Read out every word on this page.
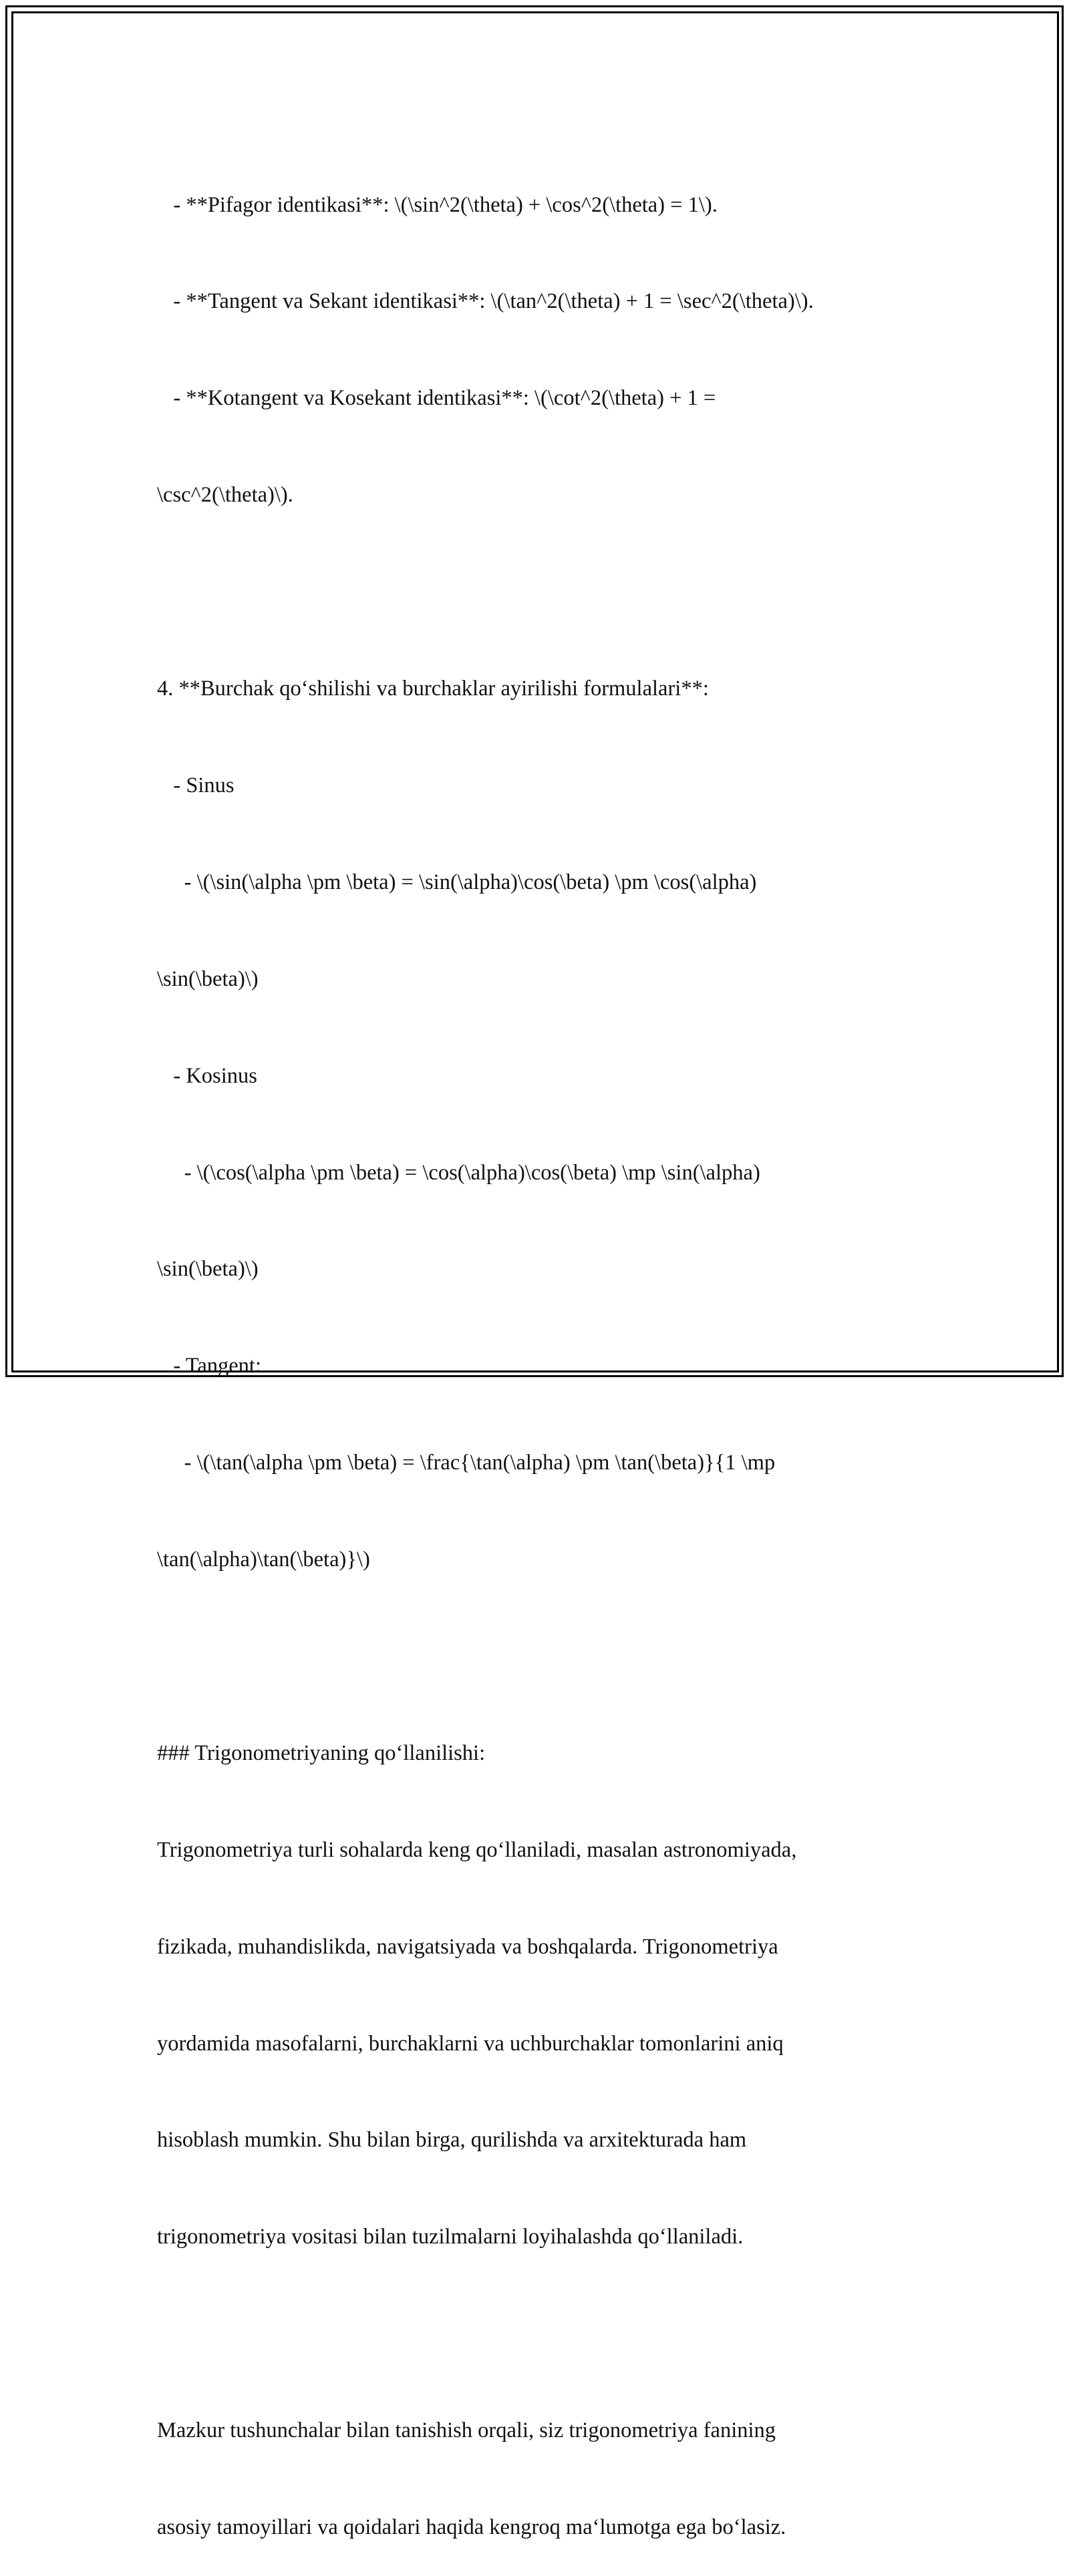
- **Pifagor identikasi**: \(\sin^2(\theta) + \cos^2(\theta) = 1\).

- **Tangent va Sekant identikasi**: \(\tan^2(\theta) + 1 = \sec^2(\theta)\).

- **Kotangent va Kosekant identikasi**: \(\cot^2(\theta) + 1 =

\csc^2(\theta)\).

4. **Burchak qo‘shilishi va burchaklar ayirilishi formulalari**:

- Sinus

- \(\sin(\alpha \pm \beta) = \sin(\alpha)\cos(\beta) \pm \cos(\alpha)

\sin(\beta)\)

- Kosinus

- \(\cos(\alpha \pm \beta) = \cos(\alpha)\cos(\beta) \mp \sin(\alpha)

\sin(\beta)\)

- Tangent:

- \(\tan(\alpha \pm \beta) = \frac{\tan(\alpha) \pm \tan(\beta)}{1 \mp

\tan(\alpha)\tan(\beta)}\)

### Trigonometriyaning qo‘llanilishi:

Trigonometriya turli sohalarda keng qo‘llaniladi, masalan astronomiyada,

fizikada, muhandislikda, navigatsiyada va boshqalarda. Trigonometriya

yordamida masofalarni, burchaklarni va uchburchaklar tomonlarini aniq

hisoblash mumkin. Shu bilan birga, qurilishda va arxitekturada ham

trigonometriya vositasi bilan tuzilmalarni loyihalashda qo‘llaniladi.

Mazkur tushunchalar bilan tanishish orqali, siz trigonometriya fanining

asosiy tamoyillari va qoidalari haqida kengroq ma‘lumotga ega bo‘lasiz.
